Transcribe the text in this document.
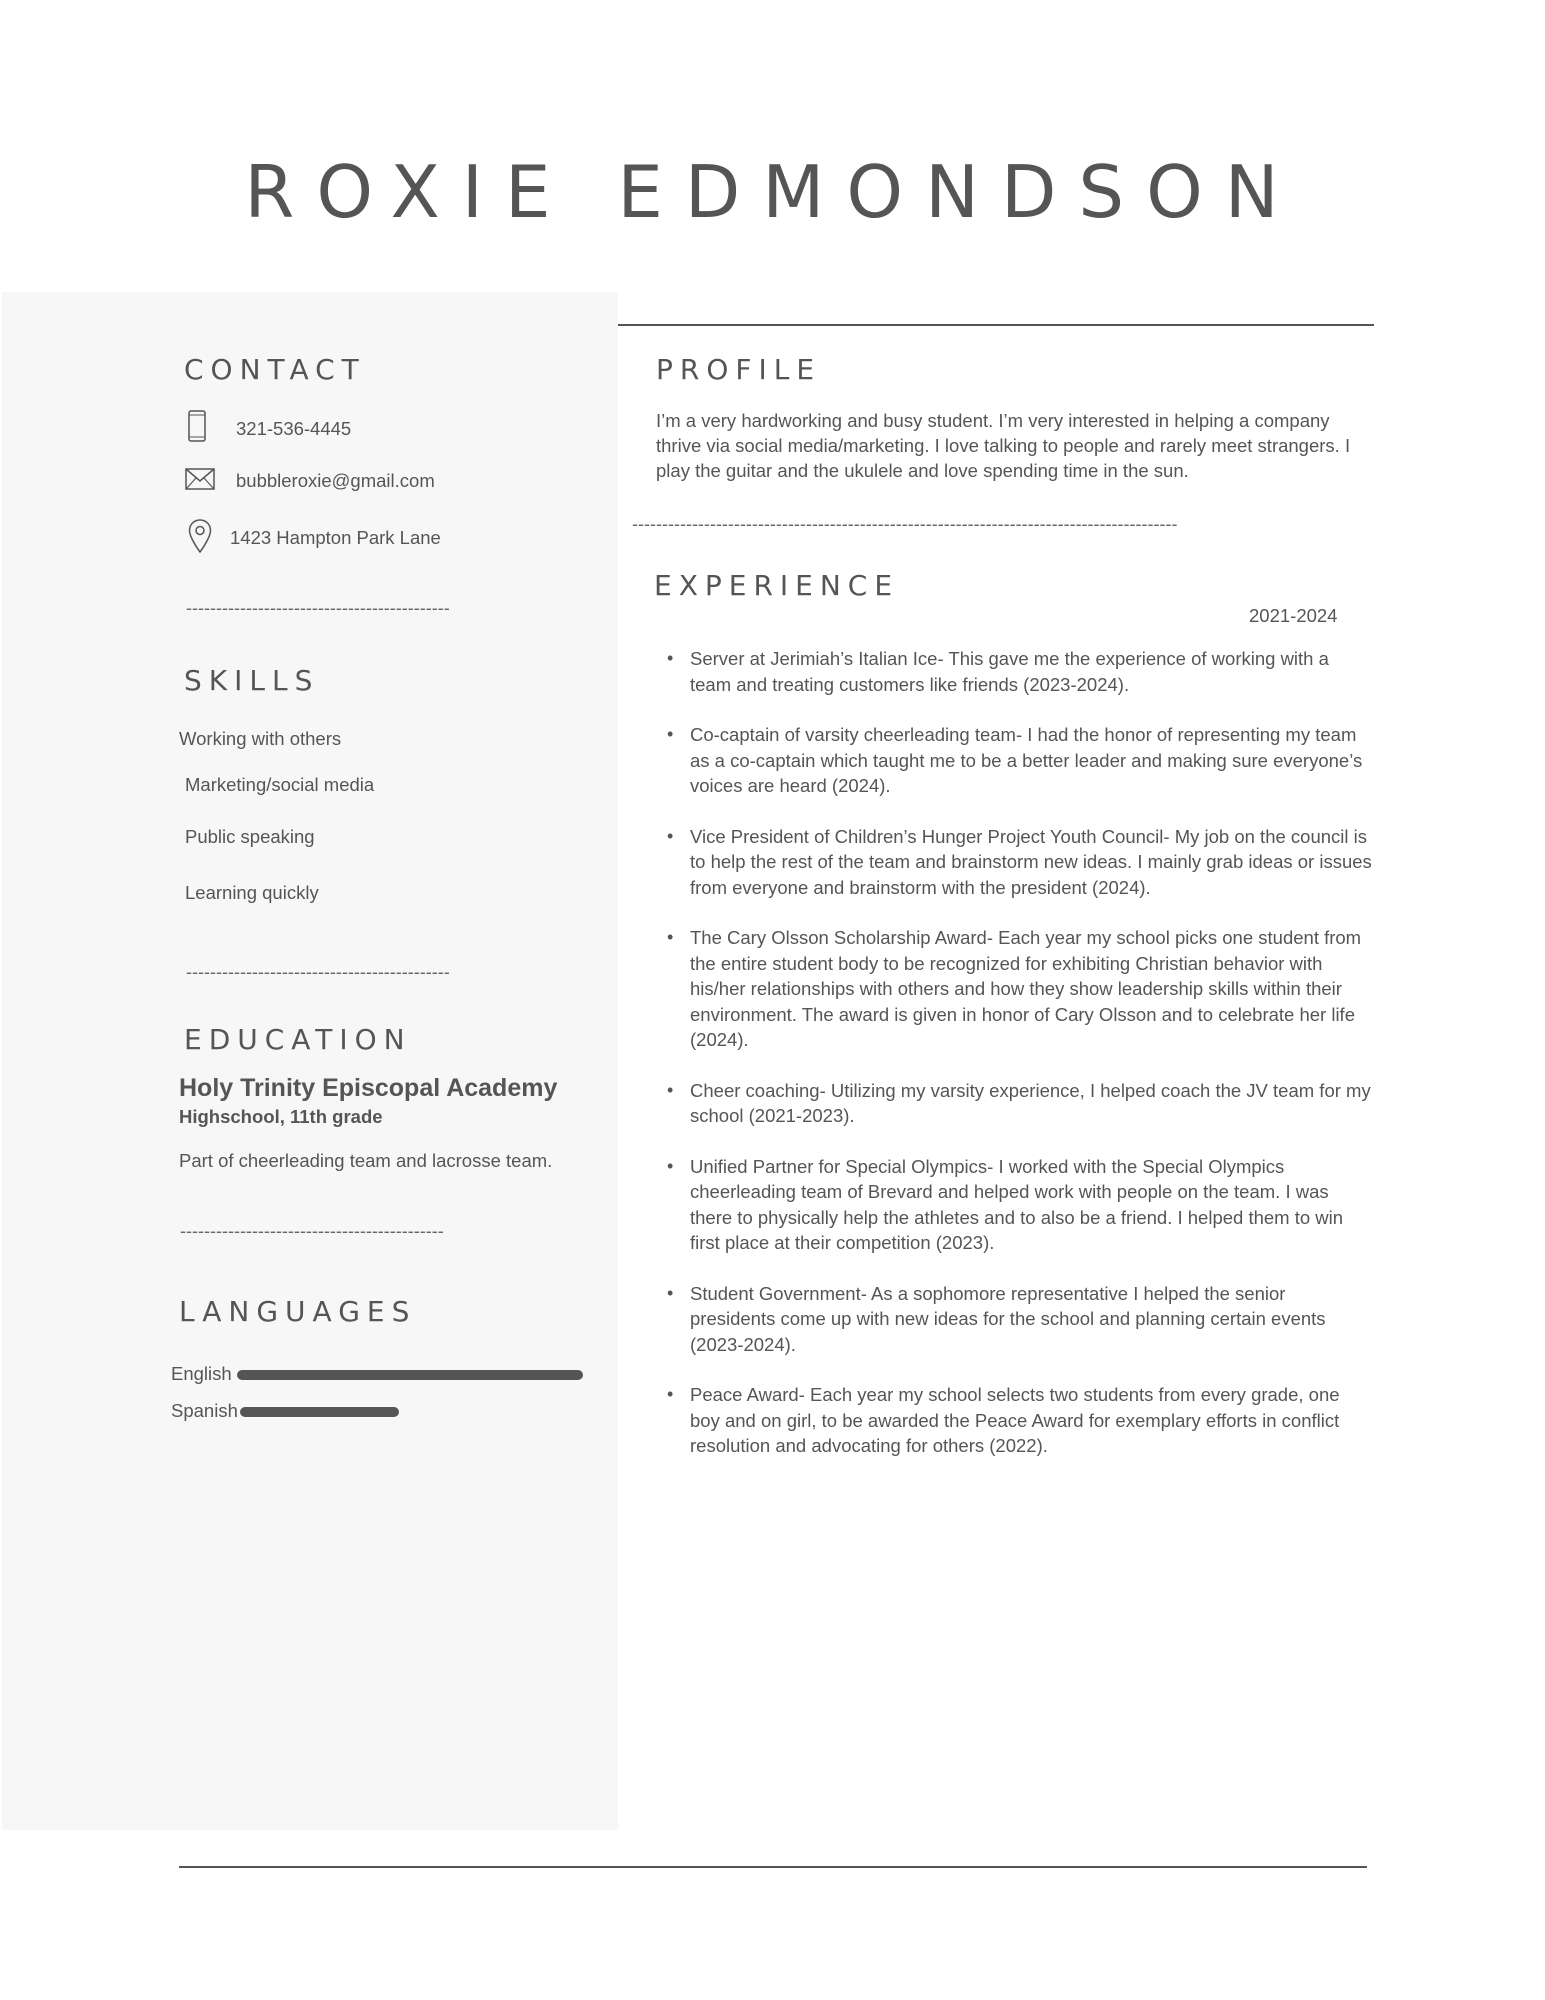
ROXIE EDMONDSON
CONTACT
321-536-4445
bubbleroxie@gmail.com
1423 Hampton Park Lane
--------------------------------------------
SKILLS
Working with others
Marketing/social media
Public speaking
Learning quickly
--------------------------------------------
EDUCATION
Holy Trinity Episcopal Academy
Highschool, 11th grade
Part of cheerleading team and lacrosse team.
--------------------------------------------
LANGUAGES
English
Spanish
PROFILE
I’m a very hardworking and busy student. I’m very interested in helping a company thrive via social media/marketing. I love talking to people and rarely meet strangers. I play the guitar and the ukulele and love spending time in the sun.
-------------------------------------------------------------------------------------------
EXPERIENCE
2021-2024
• Server at Jerimiah’s Italian Ice- This gave me the experience of working with a team and treating customers like friends (2023-2024).
• Co-captain of varsity cheerleading team- I had the honor of representing my team as a co-captain which taught me to be a better leader and making sure everyone’s voices are heard (2024).
• Vice President of Children’s Hunger Project Youth Council- My job on the council is to help the rest of the team and brainstorm new ideas. I mainly grab ideas or issues from everyone and brainstorm with the president (2024).
• The Cary Olsson Scholarship Award- Each year my school picks one student from the entire student body to be recognized for exhibiting Christian behavior with his/her relationships with others and how they show leadership skills within their environment. The award is given in honor of Cary Olsson and to celebrate her life (2024).
• Cheer coaching- Utilizing my varsity experience, I helped coach the JV team for my school (2021-2023).
• Unified Partner for Special Olympics- I worked with the Special Olympics cheerleading team of Brevard and helped work with people on the team. I was there to physically help the athletes and to also be a friend. I helped them to win first place at their competition (2023).
• Student Government- As a sophomore representative I helped the senior presidents come up with new ideas for the school and planning certain events (2023-2024).
• Peace Award- Each year my school selects two students from every grade, one boy and on girl, to be awarded the Peace Award for exemplary efforts in conflict resolution and advocating for others (2022).
